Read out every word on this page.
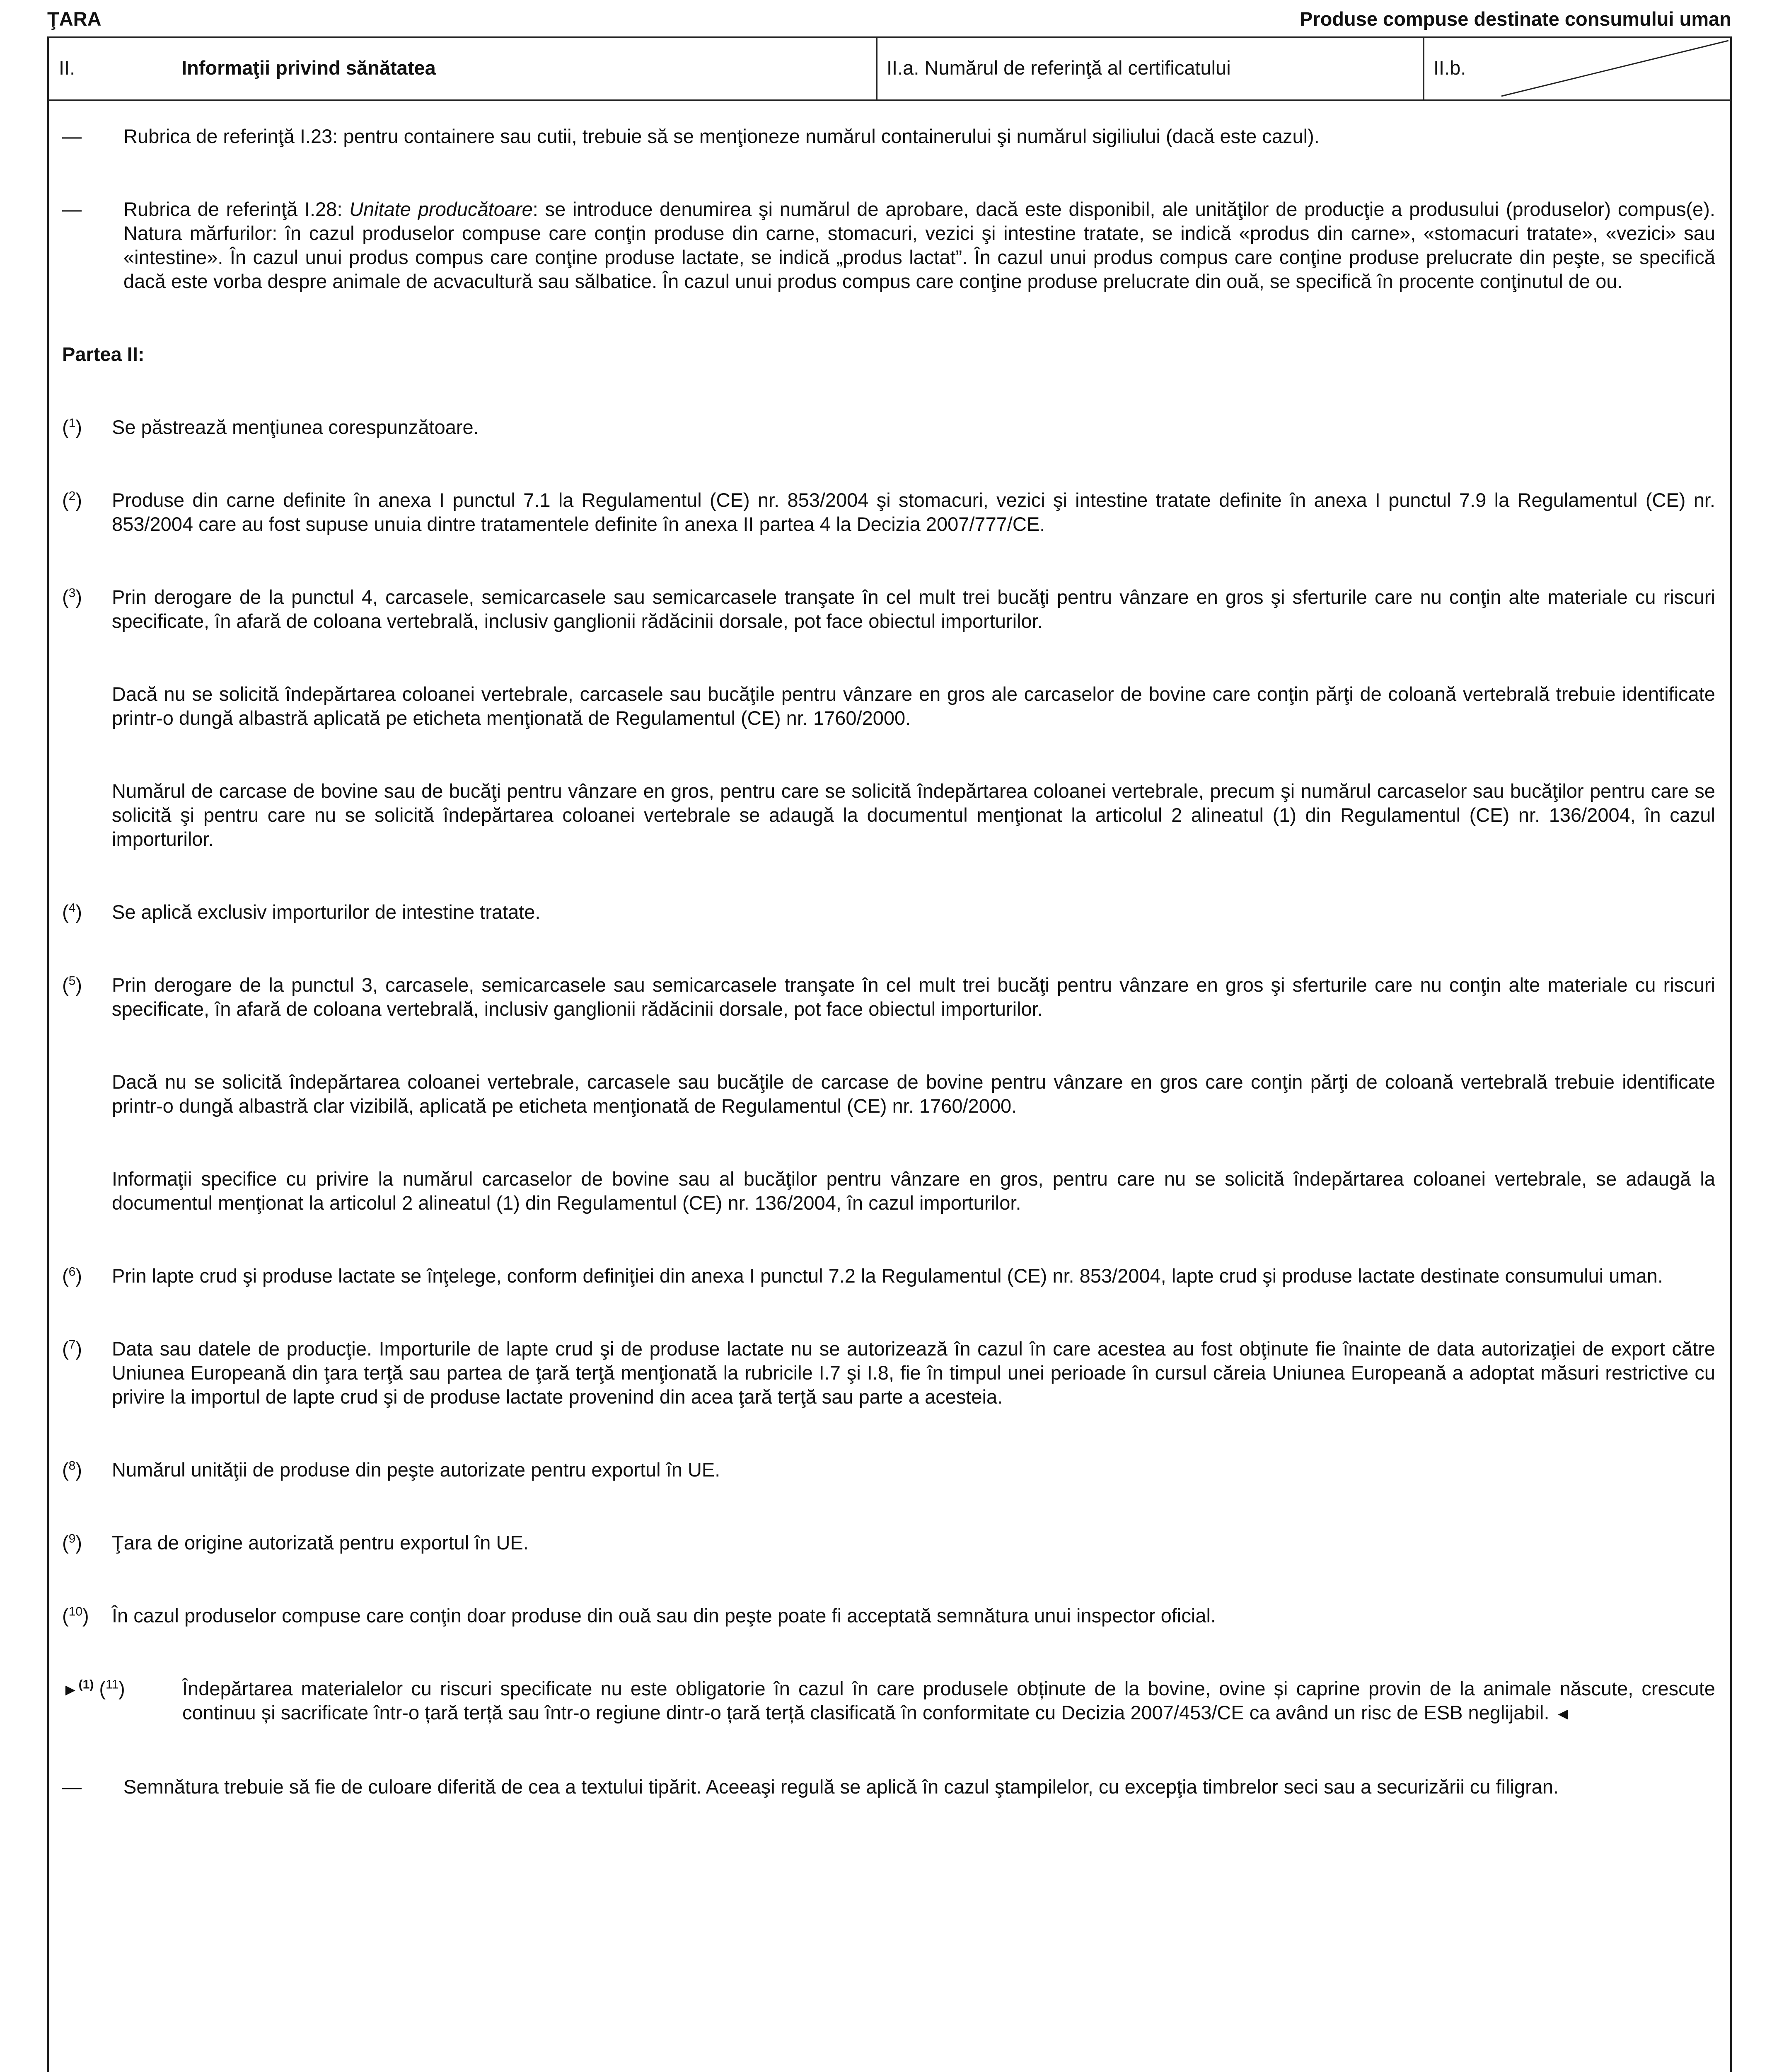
ŢARA	Produse compuse destinate consumului uman
II.	Informaţii privind sănătatea	II.a. Numărul de referinţă al certificatului	II.b.
—	Rubrica de referinţă I.23: pentru containere sau cutii, trebuie să se menţioneze numărul containerului şi numărul sigiliului (dacă este cazul).
—	Rubrica de referinţă I.28: Unitate producătoare: se introduce denumirea şi numărul de aprobare, dacă este disponibil, ale unităţilor de producţie a produsului (produselor) compus(e). Natura mărfurilor: în cazul produselor compuse care conţin produse din carne, stomacuri, vezici şi intestine tratate, se indică «produs din carne», «stomacuri tratate», «vezici» sau «intestine». În cazul unui produs compus care conţine produse lactate, se indică „produs lactat”. În cazul unui produs compus care conţine produse prelucrate din peşte, se specifică dacă este vorba despre animale de acvacultură sau sălbatice. În cazul unui produs compus care conţine produse prelucrate din ouă, se specifică în procente conţinutul de ou.
Partea II:
($^1$)	Se păstrează menţiunea corespunzătoare.
($^2$)	Produse din carne definite în anexa I punctul 7.1 la Regulamentul (CE) nr. 853/2004 şi stomacuri, vezici şi intestine tratate definite în anexa I punctul 7.9 la Regulamentul (CE) nr. 853/2004 care au fost supuse unuia dintre tratamentele definite în anexa II partea 4 la Decizia 2007/777/CE.
($^3$)	Prin derogare de la punctul 4, carcasele, semicarcasele sau semicarcasele tranşate în cel mult trei bucăţi pentru vânzare en gros şi sferturile care nu conţin alte materiale cu riscuri specificate, în afară de coloana vertebrală, inclusiv ganglionii rădăcinii dorsale, pot face obiectul importurilor.
Dacă nu se solicită îndepărtarea coloanei vertebrale, carcasele sau bucăţile pentru vânzare en gros ale carcaselor de bovine care conţin părţi de coloană vertebrală trebuie identificate printr-o dungă albastră aplicată pe eticheta menţionată de Regulamentul (CE) nr. 1760/2000.
Numărul de carcase de bovine sau de bucăţi pentru vânzare en gros, pentru care se solicită îndepărtarea coloanei vertebrale, precum şi numărul carcaselor sau bucăţilor pentru care se solicită şi pentru care nu se solicită îndepărtarea coloanei vertebrale se adaugă la documentul menţionat la articolul 2 alineatul (1) din Regulamentul (CE) nr. 136/2004, în cazul importurilor.
($^4$)	Se aplică exclusiv importurilor de intestine tratate.
($^5$)	Prin derogare de la punctul 3, carcasele, semicarcasele sau semicarcasele tranşate în cel mult trei bucăţi pentru vânzare en gros şi sferturile care nu conţin alte materiale cu riscuri specificate, în afară de coloana vertebrală, inclusiv ganglionii rădăcinii dorsale, pot face obiectul importurilor.
Dacă nu se solicită îndepărtarea coloanei vertebrale, carcasele sau bucăţile de carcase de bovine pentru vânzare en gros care conţin părţi de coloană vertebrală trebuie identificate printr-o dungă albastră clar vizibilă, aplicată pe eticheta menţionată de Regulamentul (CE) nr. 1760/2000.
Informaţii specifice cu privire la numărul carcaselor de bovine sau al bucăţilor pentru vânzare en gros, pentru care nu se solicită îndepărtarea coloanei vertebrale, se adaugă la documentul menţionat la articolul 2 alineatul (1) din Regulamentul (CE) nr. 136/2004, în cazul importurilor.
($^6$)	Prin lapte crud şi produse lactate se înţelege, conform definiţiei din anexa I punctul 7.2 la Regulamentul (CE) nr. 853/2004, lapte crud şi produse lactate destinate consumului uman.
($^7$)	Data sau datele de producţie. Importurile de lapte crud şi de produse lactate nu se autorizează în cazul în care acestea au fost obţinute fie înainte de data autorizaţiei de export către Uniunea Europeană din ţara terţă sau partea de ţară terţă menţionată la rubricile I.7 şi I.8, fie în timpul unei perioade în cursul căreia Uniunea Europeană a adoptat măsuri restrictive cu privire la importul de lapte crud şi de produse lactate provenind din acea ţară terţă sau parte a acesteia.
($^8$)	Numărul unităţii de produse din peşte autorizate pentru exportul în UE.
($^9$)	Ţara de origine autorizată pentru exportul în UE.
($^{10}$)	În cazul produselor compuse care conţin doar produse din ouă sau din peşte poate fi acceptată semnătura unui inspector oficial.
►$^{(1)}$ ($^{11}$)	Îndepărtarea materialelor cu riscuri specificate nu este obligatorie în cazul în care produsele obținute de la bovine, ovine și caprine provin de la animale născute, crescute continuu și sacrificate într-o țară terță sau într-o regiune dintr-o țară terță clasificată în conformitate cu Decizia 2007/453/CE ca având un risc de ESB neglijabil. ◄
—	Semnătura trebuie să fie de culoare diferită de cea a textului tipărit. Aceeaşi regulă se aplică în cazul ştampilelor, cu excepţia timbrelor seci sau a securizării cu filigran.
